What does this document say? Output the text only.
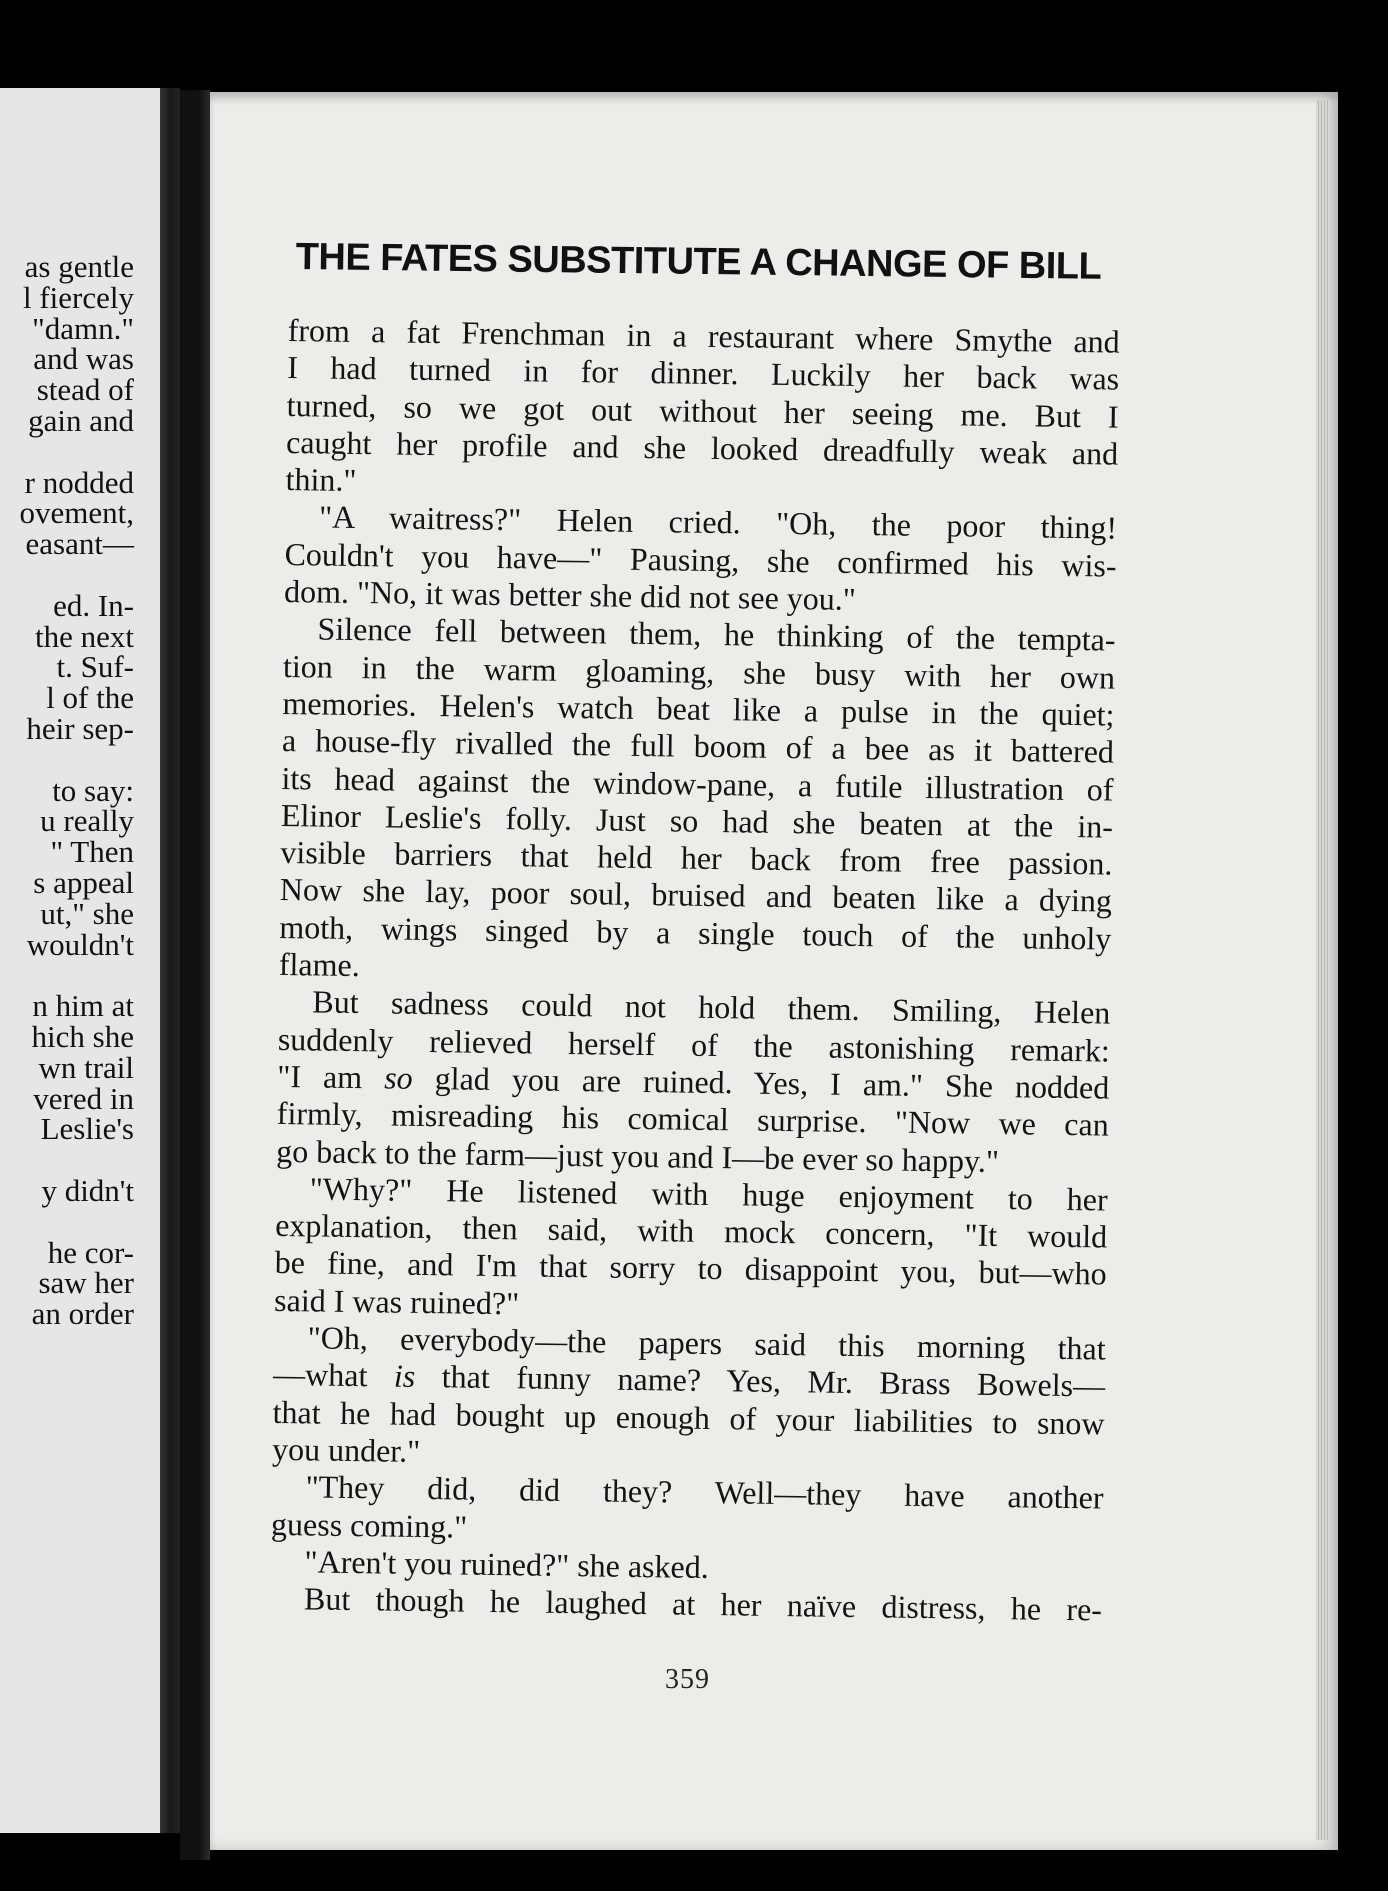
as gentle

l fiercely

"damn."

and was

stead of

gain and

r nodded

ovement,

easant—

ed. In-

the next

t. Suf-

l of the

heir sep-

to say:

u really

" Then

s appeal

ut," she

wouldn't

n him at

hich she

wn trail

vered in

Leslie's

y didn't

he cor-

saw her

an order

THE FATES SUBSTITUTE A CHANGE OF BILL

from a fat Frenchman in a restaurant where Smythe and

I had turned in for dinner. Luckily her back was

turned, so we got out without her seeing me. But I

caught her profile and she looked dreadfully weak and

thin."

"A waitress?" Helen cried. "Oh, the poor thing!

Couldn't you have—" Pausing, she confirmed his wis-

dom. "No, it was better she did not see you."

Silence fell between them, he thinking of the tempta-

tion in the warm gloaming, she busy with her own

memories. Helen's watch beat like a pulse in the quiet;

a house-fly rivalled the full boom of a bee as it battered

its head against the window-pane, a futile illustration of

Elinor Leslie's folly. Just so had she beaten at the in-

visible barriers that held her back from free passion.

Now she lay, poor soul, bruised and beaten like a dying

moth, wings singed by a single touch of the unholy

flame.

But sadness could not hold them. Smiling, Helen

suddenly relieved herself of the astonishing remark:

"I am so glad you are ruined. Yes, I am." She nodded

firmly, misreading his comical surprise. "Now we can

go back to the farm—just you and I—be ever so happy."

"Why?" He listened with huge enjoyment to her

explanation, then said, with mock concern, "It would

be fine, and I'm that sorry to disappoint you, but—who

said I was ruined?"

"Oh, everybody—the papers said this morning that

—what is that funny name? Yes, Mr. Brass Bowels—

that he had bought up enough of your liabilities to snow

you under."

"They did, did they? Well—they have another

guess coming."

"Aren't you ruined?" she asked.

But though he laughed at her naïve distress, he re-

359
